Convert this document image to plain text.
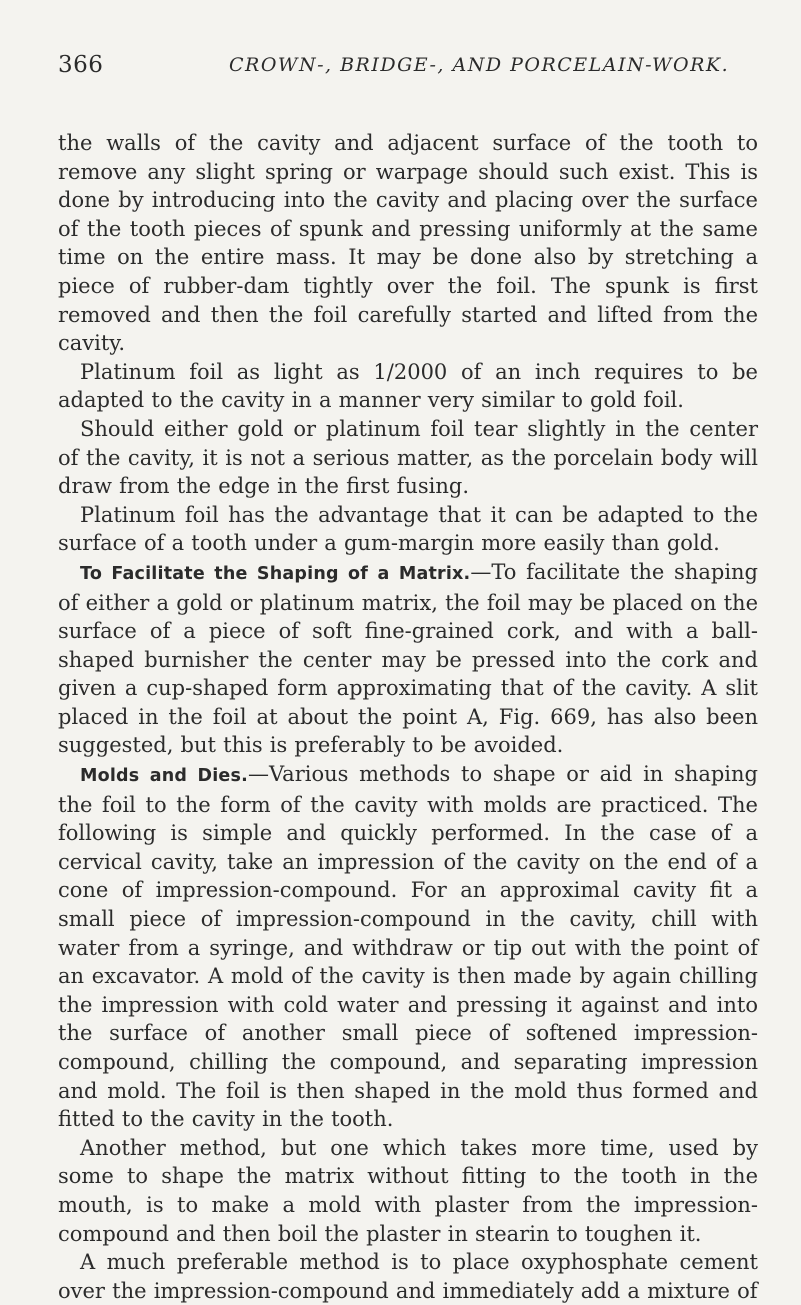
366	CROWN-, BRIDGE-, AND PORCELAIN-WORK.

the walls of the cavity and adjacent surface of the tooth to remove any slight spring or warpage should such exist. This is done by introducing into the cavity and placing over the surface of the tooth pieces of spunk and pressing uniformly at the same time on the entire mass. It may be done also by stretching a piece of rubber-dam tightly over the foil. The spunk is first removed and then the foil carefully started and lifted from the cavity.

Platinum foil as light as 1/2000 of an inch requires to be adapted to the cavity in a manner very similar to gold foil.

Should either gold or platinum foil tear slightly in the center of the cavity, it is not a serious matter, as the porcelain body will draw from the edge in the first fusing.

Platinum foil has the advantage that it can be adapted to the surface of a tooth under a gum-margin more easily than gold.

To Facilitate the Shaping of a Matrix.—To facilitate the shaping of either a gold or platinum matrix, the foil may be placed on the surface of a piece of soft fine-grained cork, and with a ball-shaped burnisher the center may be pressed into the cork and given a cup-shaped form approximating that of the cavity. A slit placed in the foil at about the point A, Fig. 669, has also been suggested, but this is preferably to be avoided.

Molds and Dies.—Various methods to shape or aid in shaping the foil to the form of the cavity with molds are practiced. The following is simple and quickly performed. In the case of a cervical cavity, take an impression of the cavity on the end of a cone of impression-compound. For an approximal cavity fit a small piece of impression-compound in the cavity, chill with water from a syringe, and withdraw or tip out with the point of an excavator. A mold of the cavity is then made by again chilling the impression with cold water and pressing it against and into the surface of another small piece of softened impression-compound, chilling the compound, and separating impression and mold. The foil is then shaped in the mold thus formed and fitted to the cavity in the tooth.

Another method, but one which takes more time, used by some to shape the matrix without fitting to the tooth in the mouth, is to make a mold with plaster from the impression-compound and then boil the plaster in stearin to toughen it.

A much preferable method is to place oxyphosphate cement over the impression-compound and immediately add a mixture of
